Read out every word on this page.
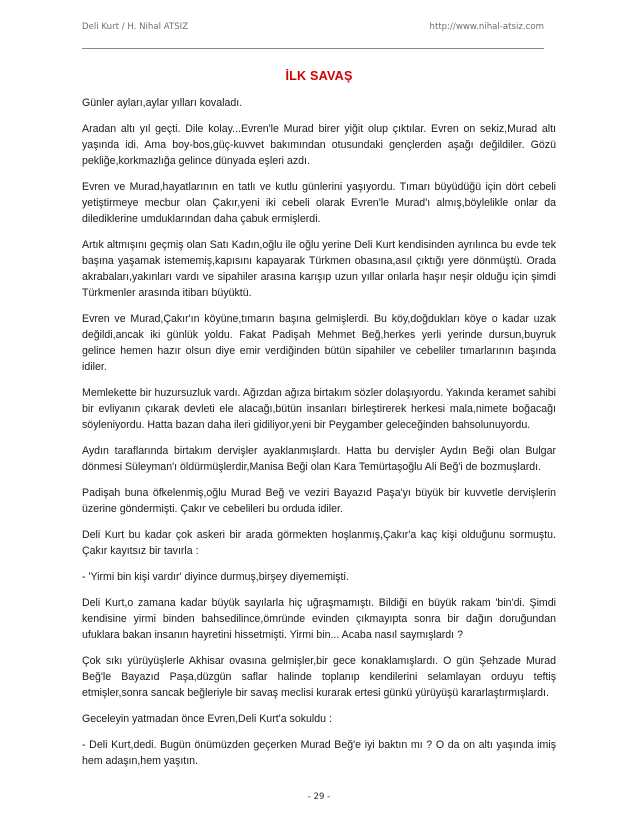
Deli Kurt / H. Nihal ATSIZ	http://www.nihal-atsiz.com
İLK SAVAŞ

Günler ayları,aylar yılları kovaladı.

Aradan altı yıl geçti. Dile kolay...Evren'le Murad birer yiğit olup çıktılar. Evren on sekiz,Murad altı yaşında idi. Ama boy-bos,güç-kuvvet bakımından otusundaki gençlerden aşağı değildiler. Gözü pekliğe,korkmazlığa gelince dünyada eşleri azdı.

Evren ve Murad,hayatlarının en tatlı ve kutlu günlerini yaşıyordu. Tımarı büyüdüğü için dört cebeli yetiştirmeye mecbur olan Çakır,yeni iki cebeli olarak Evren'le Murad'ı almış,böylelikle onlar da dilediklerine umduklarından daha çabuk ermişlerdi.

Artık altmışını geçmiş olan Satı Kadın,oğlu ile oğlu yerine Deli Kurt kendisinden ayrılınca bu evde tek başına yaşamak istememiş,kapısını kapayarak Türkmen obasına,asıl çıktığı yere dönmüştü. Orada akrabaları,yakınları vardı ve sipahiler arasına karışıp uzun yıllar onlarla haşır neşir olduğu için şimdi Türkmenler arasında itibarı büyüktü.

Evren ve Murad,Çakır'ın köyüne,tımarın başına gelmişlerdi. Bu köy,doğdukları köye o kadar uzak değildi,ancak iki günlük yoldu. Fakat Padişah Mehmet Beğ,herkes yerli yerinde dursun,buyruk gelince hemen hazır olsun diye emir verdiğinden bütün sipahiler ve cebeliler tımarlarının başında idiler.

Memlekette bir huzursuzluk vardı. Ağızdan ağıza birtakım sözler dolaşıyordu. Yakında keramet sahibi bir evliyanın çıkarak devleti ele alacağı,bütün insanları birleştirerek herkesi mala,nimete boğacağı söyleniyordu. Hatta bazan daha ileri gidiliyor,yeni bir Peygamber geleceğinden bahsolunuyordu.

Aydın taraflarında birtakım dervişler ayaklanmışlardı. Hatta bu dervişler Aydın Beği olan Bulgar dönmesi Süleyman'ı öldürmüşlerdir,Manisa Beği olan Kara Temürtaşoğlu Ali Beğ'i de bozmuşlardı.

Padişah buna öfkelenmiş,oğlu Murad Beğ ve veziri Bayazıd Paşa'yı büyük bir kuvvetle dervişlerin üzerine göndermişti. Çakır ve cebelileri bu orduda idiler.

Deli Kurt bu kadar çok askeri bir arada görmekten hoşlanmış,Çakır'a kaç kişi olduğunu sormuştu. Çakır kayıtsız bir tavırla :

- 'Yirmi bin kişi vardır' diyince durmuş,birşey diyememişti.

Deli Kurt,o zamana kadar büyük sayılarla hiç uğraşmamıştı. Bildiği en büyük rakam 'bin'di. Şimdi kendisine yirmi binden bahsedilince,ömründe evinden çıkmayıpta sonra bir dağın doruğundan ufuklara bakan insanın hayretini hissetmişti. Yirmi bin... Acaba nasıl saymışlardı ?

Çok sıkı yürüyüşlerle Akhisar ovasına gelmişler,bir gece konaklamışlardı. O gün Şehzade Murad Beğ'le Bayazıd Paşa,düzgün saflar halinde toplanıp kendilerini selamlayan orduyu teftiş etmişler,sonra sancak beğleriyle bir savaş meclisi kurarak ertesi günkü yürüyüşü kararlaştırmışlardı.

Geceleyin yatmadan önce Evren,Deli Kurt'a sokuldu :

- Deli Kurt,dedi. Bugün önümüzden geçerken Murad Beğ'e iyi baktın mı ? O da on altı yaşında imiş hem adaşın,hem yaşıtın.

- 29 -
